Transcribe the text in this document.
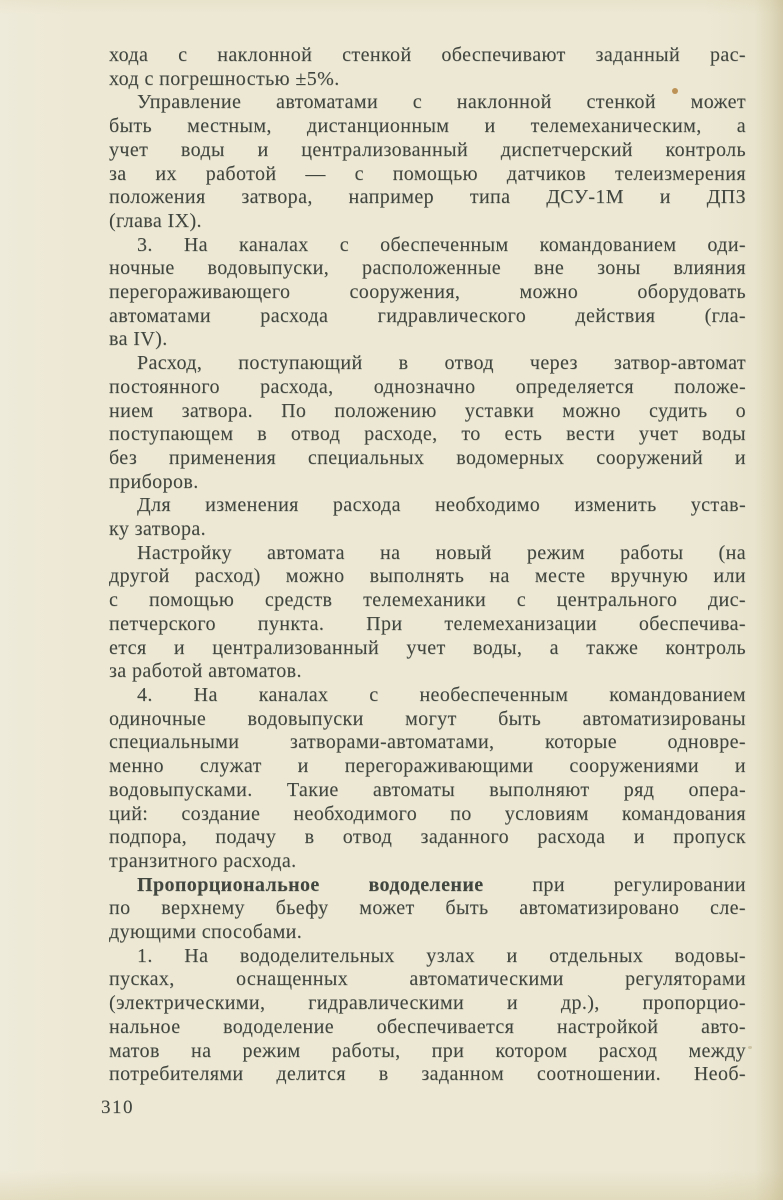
хода с наклонной стенкой обеспечивают заданный рас-
ход с погрешностью ±5%.
Управление автоматами с наклонной стенкой может
быть местным, дистанционным и телемеханическим, а
учет воды и централизованный диспетчерский контроль
за их работой — с помощью датчиков телеизмерения
положения затвора, например типа ДСУ-1М и ДПЗ
(глава IX).
3. На каналах с обеспеченным командованием оди-
ночные водовыпуски, расположенные вне зоны влияния
перегораживающего сооружения, можно оборудовать
автоматами расхода гидравлического действия (гла-
ва IV).
Расход, поступающий в отвод через затвор-автомат
постоянного расхода, однозначно определяется положе-
нием затвора. По положению уставки можно судить о
поступающем в отвод расходе, то есть вести учет воды
без применения специальных водомерных сооружений и
приборов.
Для изменения расхода необходимо изменить устав-
ку затвора.
Настройку автомата на новый режим работы (на
другой расход) можно выполнять на месте вручную или
с помощью средств телемеханики с центрального дис-
петчерского пункта. При телемеханизации обеспечива-
ется и централизованный учет воды, а также контроль
за работой автоматов.
4. На каналах с необеспеченным командованием
одиночные водовыпуски могут быть автоматизированы
специальными затворами-автоматами, которые одновре-
менно служат и перегораживающими сооружениями и
водовыпусками. Такие автоматы выполняют ряд опера-
ций: создание необходимого по условиям командования
подпора, подачу в отвод заданного расхода и пропуск
транзитного расхода.
Пропорциональное вододеление при регулировании
по верхнему бьефу может быть автоматизировано сле-
дующими способами.
1. На вододелительных узлах и отдельных водовы-
пусках, оснащенных автоматическими регуляторами
(электрическими, гидравлическими и др.), пропорцио-
нальное вододеление обеспечивается настройкой авто-
матов на режим работы, при котором расход между
потребителями делится в заданном соотношении. Необ-
310
